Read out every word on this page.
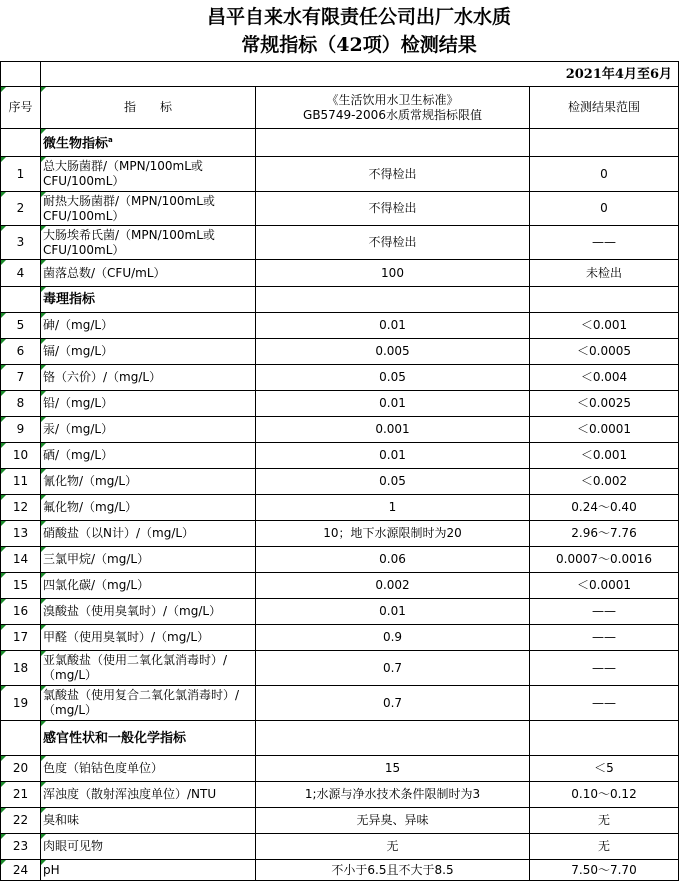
昌平自来水有限责任公司出厂水水质
常规指标（42项）检测结果
	2021年4月至6月		
序号	指　　标	《生活饮用水卫生标准》
GB5749-2006水质常规指标限值	检测结果范围
	微生物指标$^a$		
1	总大肠菌群/（MPN/100mL或CFU/100mL）	不得检出	0
2	耐热大肠菌群/（MPN/100mL或CFU/100mL）	不得检出	0
3	大肠埃希氏菌/（MPN/100mL或CFU/100mL）	不得检出	——
4	菌落总数/（CFU/mL）	100	未检出
	毒理指标		
5	砷/（mg/L）	0.01	＜0.001
6	镉/（mg/L）	0.005	＜0.0005
7	铬（六价）/（mg/L）	0.05	＜0.004
8	铅/（mg/L）	0.01	＜0.0025
9	汞/（mg/L）	0.001	＜0.0001
10	硒/（mg/L）	0.01	＜0.001
11	氰化物/（mg/L）	0.05	＜0.002
12	氟化物/（mg/L）	1	0.24～0.40
13	硝酸盐（以N计）/（mg/L）	10；地下水源限制时为20	2.96～7.76
14	三氯甲烷/（mg/L）	0.06	0.0007～0.0016
15	四氯化碳/（mg/L）	0.002	＜0.0001
16	溴酸盐（使用臭氧时）/（mg/L）	0.01	——
17	甲醛（使用臭氧时）/（mg/L）	0.9	——
18	亚氯酸盐（使用二氧化氯消毒时）/（mg/L）	0.7	——
19	氯酸盐（使用复合二氧化氯消毒时）/（mg/L）	0.7	——
	感官性状和一般化学指标		
20	色度（铂钴色度单位）	15	＜5
21	浑浊度（散射浑浊度单位）/NTU	1;水源与净水技术条件限制时为3	0.10～0.12
22	臭和味	无异臭、异味	无
23	肉眼可见物	无	无
24	pH	不小于6.5且不大于8.5	7.50～7.70
